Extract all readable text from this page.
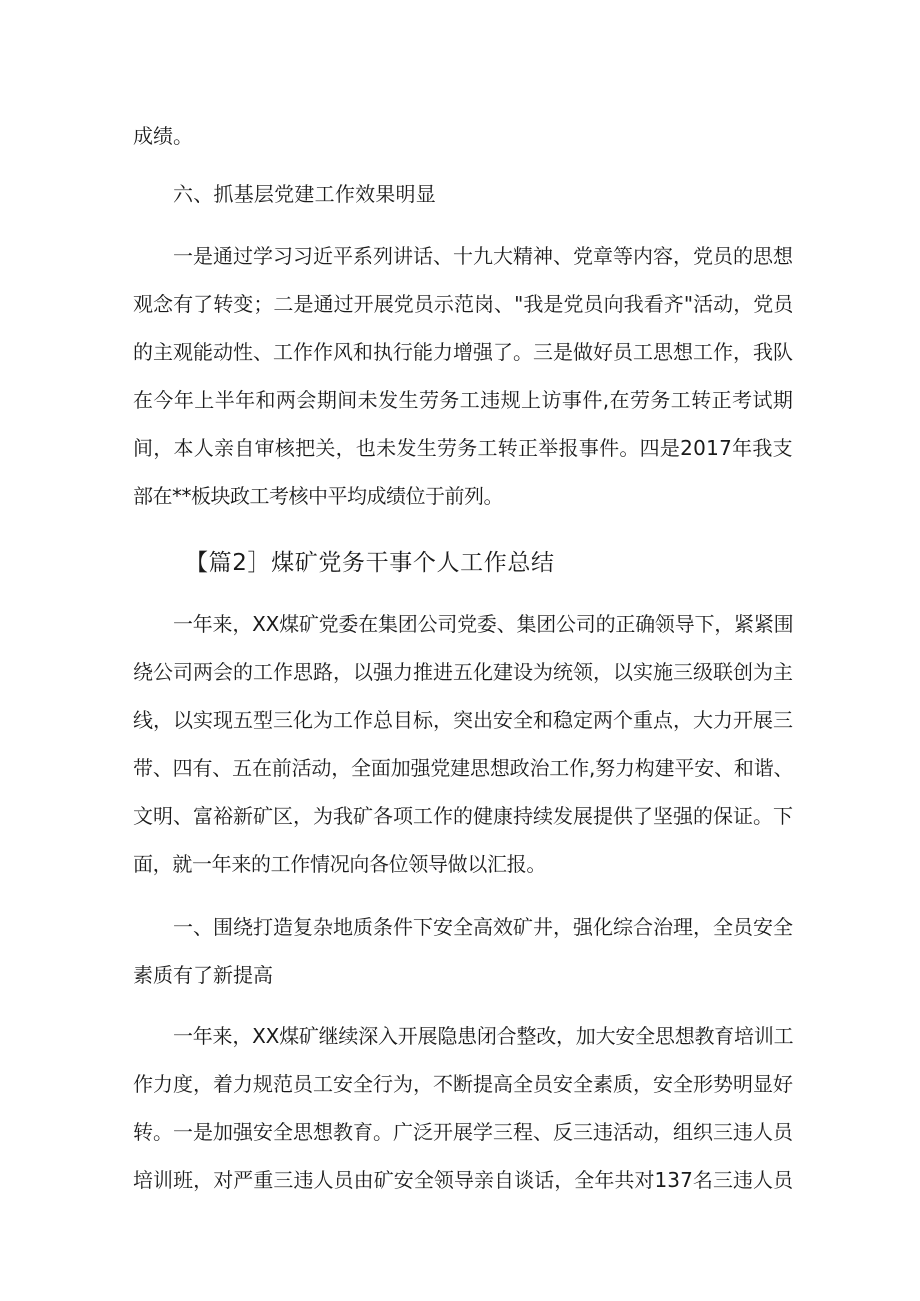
成绩。
六、抓基层党建工作效果明显
一是通过学习习近平系列讲话、十九大精神、党章等内容，党员的思想
观念有了转变；二是通过开展党员示范岗、"我是党员向我看齐"活动，党员
的主观能动性、工作作风和执行能力增强了。三是做好员工思想工作，我队
在今年上半年和两会期间未发生劳务工违规上访事件,在劳务工转正考试期
间，本人亲自审核把关，也未发生劳务工转正举报事件。四是2017年我支
部在**板块政工考核中平均成绩位于前列。
【篇2］煤矿党务干事个人工作总结
一年来，XX煤矿党委在集团公司党委、集团公司的正确领导下，紧紧围
绕公司两会的工作思路，以强力推进五化建设为统领，以实施三级联创为主
线，以实现五型三化为工作总目标，突出安全和稳定两个重点，大力开展三
带、四有、五在前活动，全面加强党建思想政治工作,努力构建平安、和谐、
文明、富裕新矿区，为我矿各项工作的健康持续发展提供了坚强的保证。下
面，就一年来的工作情况向各位领导做以汇报。
一、围绕打造复杂地质条件下安全高效矿井，强化综合治理，全员安全
素质有了新提高
一年来，XX煤矿继续深入开展隐患闭合整改，加大安全思想教育培训工
作力度，着力规范员工安全行为，不断提高全员安全素质，安全形势明显好
转。一是加强安全思想教育。广泛开展学三程、反三违活动，组织三违人员
培训班，对严重三违人员由矿安全领导亲自谈话，全年共对137名三违人员
